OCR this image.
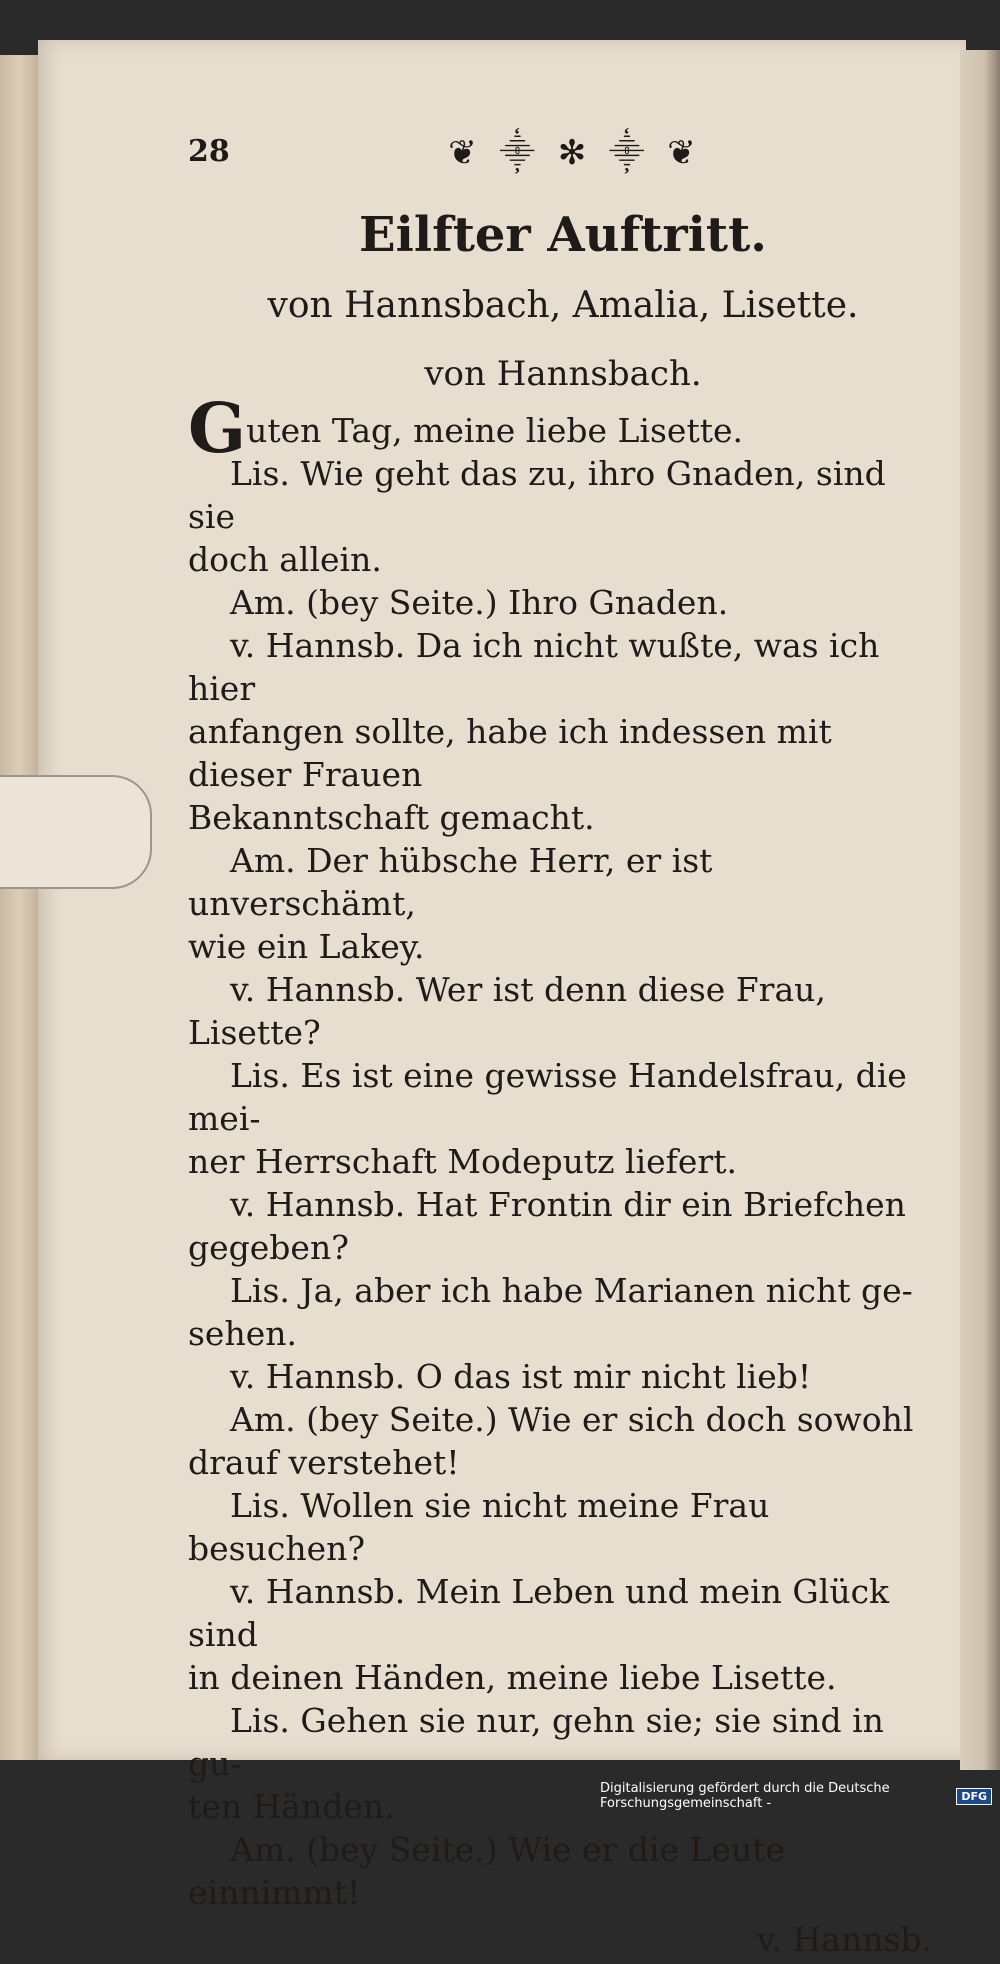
28	❦ ⸎ ✻ ⸎ ❦
Eilfter Auftritt.
von Hannsbach, Amalia, Lisette.
von Hannsbach.

Guten Tag, meine liebe Lisette.

Lis. Wie geht das zu, ihro Gnaden, sind sie

doch allein.

Am. (bey Seite.) Ihro Gnaden.

v. Hannsb. Da ich nicht wußte, was ich hier

anfangen sollte, habe ich indessen mit dieser Frauen

Bekanntschaft gemacht.

Am. Der hübsche Herr, er ist unverschämt,

wie ein Lakey.

v. Hannsb. Wer ist denn diese Frau, Lisette?

Lis. Es ist eine gewisse Handelsfrau, die mei-

ner Herrschaft Modeputz liefert.

v. Hannsb. Hat Frontin dir ein Briefchen

gegeben?

Lis. Ja, aber ich habe Marianen nicht ge-

sehen.

v. Hannsb. O das ist mir nicht lieb!

Am. (bey Seite.) Wie er sich doch sowohl

drauf verstehet!

Lis. Wollen sie nicht meine Frau besuchen?

v. Hannsb. Mein Leben und mein Glück sind

in deinen Händen, meine liebe Lisette.

Lis. Gehen sie nur, gehn sie; sie sind in gu-

ten Händen.

Am. (bey Seite.) Wie er die Leute einnimmt!

v. Hannsb.
Digitalisierung gefördert durch die Deutsche Forschungsgemeinschaft -	DFG
